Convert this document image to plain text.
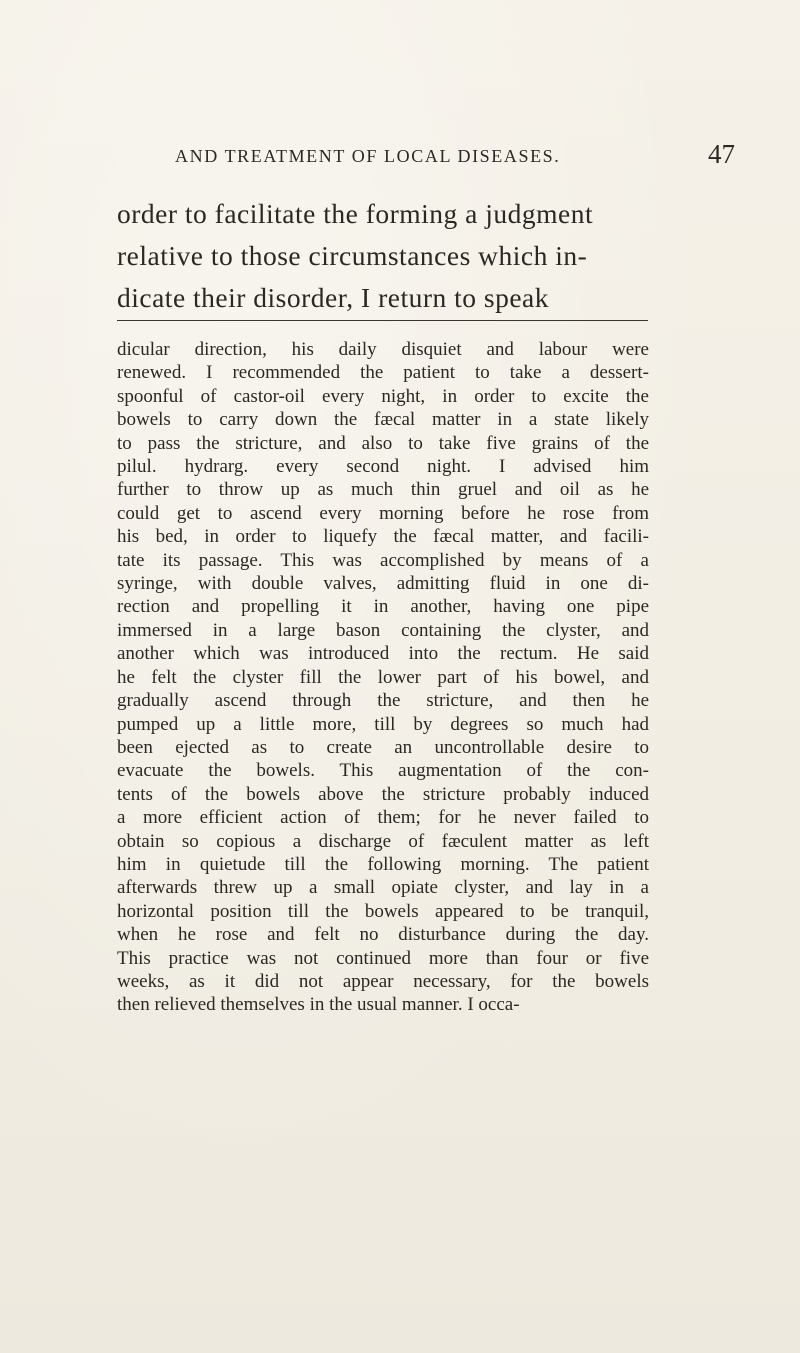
AND TREATMENT OF LOCAL DISEASES.	47
order to facilitate the forming a judgment
relative to those circumstances which in-
dicate their disorder, I return to speak
dicular direction, his daily disquiet and labour were
renewed. I recommended the patient to take a dessert-
spoonful of castor-oil every night, in order to excite the
bowels to carry down the fæcal matter in a state likely
to pass the stricture, and also to take five grains of the
pilul. hydrarg. every second night. I advised him
further to throw up as much thin gruel and oil as he
could get to ascend every morning before he rose from
his bed, in order to liquefy the fæcal matter, and facili-
tate its passage. This was accomplished by means of a
syringe, with double valves, admitting fluid in one di-
rection and propelling it in another, having one pipe
immersed in a large bason containing the clyster, and
another which was introduced into the rectum. He said
he felt the clyster fill the lower part of his bowel, and
gradually ascend through the stricture, and then he
pumped up a little more, till by degrees so much had
been ejected as to create an uncontrollable desire to
evacuate the bowels. This augmentation of the con-
tents of the bowels above the stricture probably induced
a more efficient action of them; for he never failed to
obtain so copious a discharge of fæculent matter as left
him in quietude till the following morning. The patient
afterwards threw up a small opiate clyster, and lay in a
horizontal position till the bowels appeared to be tranquil,
when he rose and felt no disturbance during the day.
This practice was not continued more than four or five
weeks, as it did not appear necessary, for the bowels
then relieved themselves in the usual manner. I occa-
